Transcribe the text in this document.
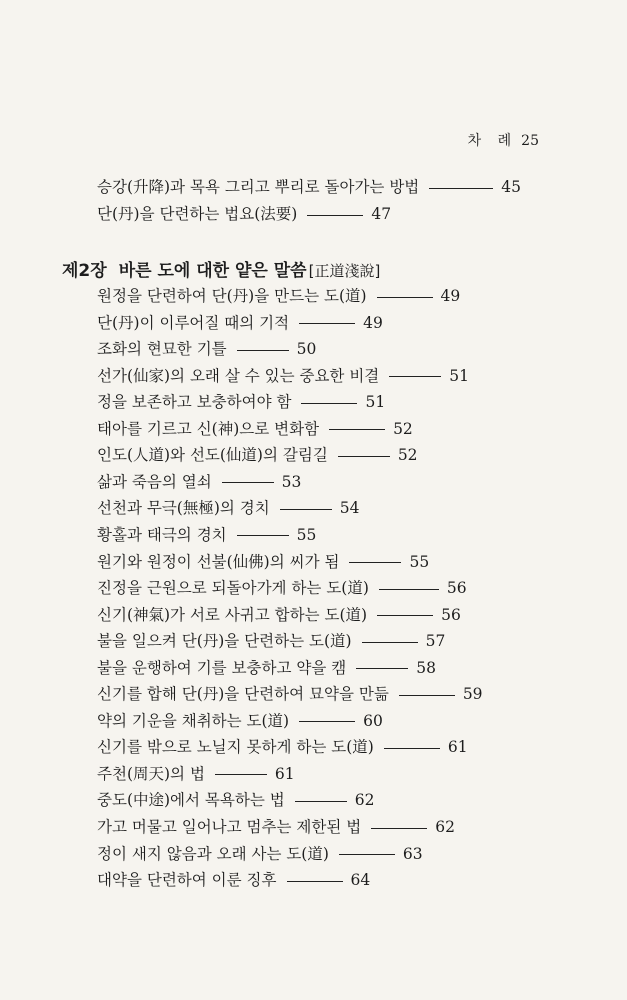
차 례 25
승강(升降)과 목욕 그리고 뿌리로 돌아가는 방법	45
단(丹)을 단련하는 법요(法要)	47
제2장 바른 도에 대한 얕은 말씀 [正道淺說]
원정을 단련하여 단(丹)을 만드는 도(道)	49
단(丹)이 이루어질 때의 기적	49
조화의 현묘한 기틀	50
선가(仙家)의 오래 살 수 있는 중요한 비결	51
정을 보존하고 보충하여야 함	51
태아를 기르고 신(神)으로 변화함	52
인도(人道)와 선도(仙道)의 갈림길	52
삶과 죽음의 열쇠	53
선천과 무극(無極)의 경치	54
황홀과 태극의 경치	55
원기와 원정이 선불(仙佛)의 씨가 됨	55
진정을 근원으로 되돌아가게 하는 도(道)	56
신기(神氣)가 서로 사귀고 합하는 도(道)	56
불을 일으켜 단(丹)을 단련하는 도(道)	57
불을 운행하여 기를 보충하고 약을 캠	58
신기를 합해 단(丹)을 단련하여 묘약을 만듦	59
약의 기운을 채취하는 도(道)	60
신기를 밖으로 노닐지 못하게 하는 도(道)	61
주천(周天)의 법	61
중도(中途)에서 목욕하는 법	62
가고 머물고 일어나고 멈추는 제한된 법	62
정이 새지 않음과 오래 사는 도(道)	63
대약을 단련하여 이룬 징후	64
